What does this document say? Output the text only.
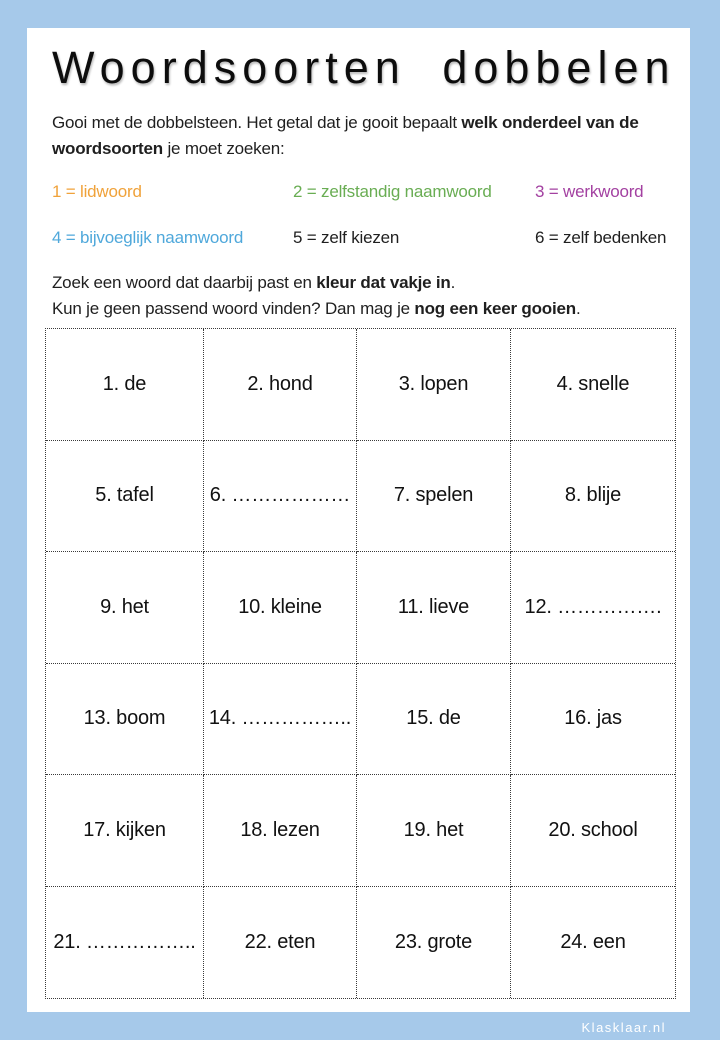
Woordsoorten dobbelen

Gooi met de dobbelsteen. Het getal dat je gooit bepaalt welk onderdeel van de woordsoorten je moet zoeken:

1 = lidwoord	2 = zelfstandig naamwoord	3 = werkwoord
4 = bijvoeglijk naamwoord	5 = zelf kiezen	6 = zelf bedenken
Zoek een woord dat daarbij past en kleur dat vakje in.
Kun je geen passend woord vinden? Dan mag je nog een keer gooien.
1. de	2. hond	3. lopen	4. snelle
5. tafel	6. ………………	7. spelen	8. blije
9. het	10. kleine	11. lieve	12. …………….
13. boom	14. ……………..	15. de	16. jas
17. kijken	18. lezen	19. het	20. school
21. ……………..	22. eten	23. grote	24. een
Klasklaar.nl
